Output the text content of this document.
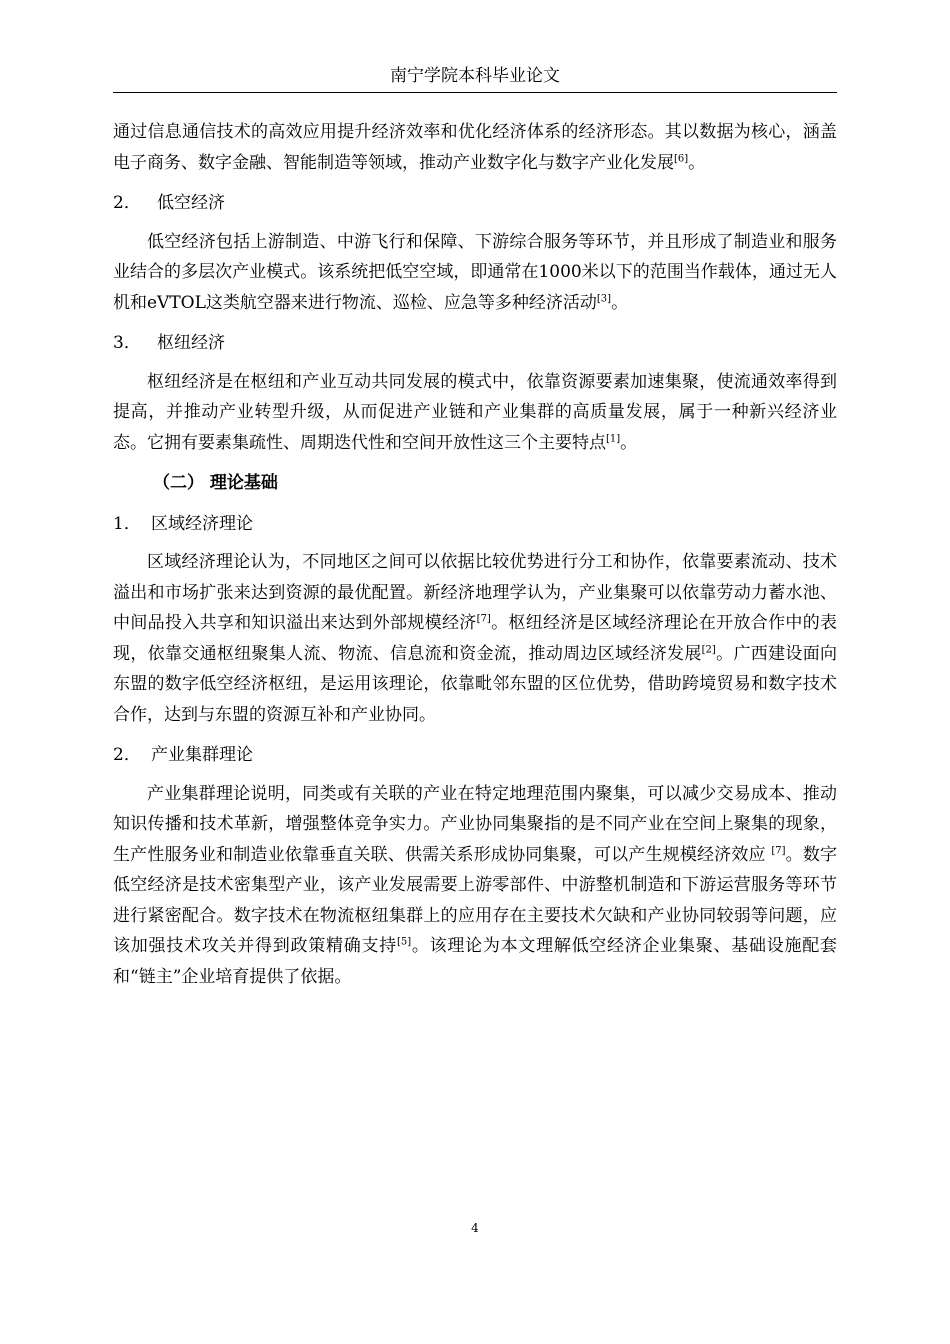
南宁学院本科毕业论文

通过信息通信技术的高效应用提升经济效率和优化经济体系的经济形态。其以数据为核心，涵盖电子商务、数字金融、智能制造等领域，推动产业数字化与数字产业化发展[6]。

2． 低空经济

低空经济包括上游制造、中游飞行和保障、下游综合服务等环节，并且形成了制造业和服务业结合的多层次产业模式。该系统把低空空域，即通常在1000米以下的范围当作载体，通过无人机和eVTOL这类航空器来进行物流、巡检、应急等多种经济活动[3]。

3． 枢纽经济

枢纽经济是在枢纽和产业互动共同发展的模式中，依靠资源要素加速集聚，使流通效率得到提高，并推动产业转型升级，从而促进产业链和产业集群的高质量发展，属于一种新兴经济业态。它拥有要素集疏性、周期迭代性和空间开放性这三个主要特点[1]。

（二） 理论基础

1． 区域经济理论

区域经济理论认为，不同地区之间可以依据比较优势进行分工和协作，依靠要素流动、技术溢出和市场扩张来达到资源的最优配置。新经济地理学认为，产业集聚可以依靠劳动力蓄水池、中间品投入共享和知识溢出来达到外部规模经济[7]。枢纽经济是区域经济理论在开放合作中的表现，依靠交通枢纽聚集人流、物流、信息流和资金流，推动周边区域经济发展[2]。广西建设面向东盟的数字低空经济枢纽，是运用该理论，依靠毗邻东盟的区位优势，借助跨境贸易和数字技术合作，达到与东盟的资源互补和产业协同。

2． 产业集群理论

产业集群理论说明，同类或有关联的产业在特定地理范围内聚集，可以减少交易成本、推动知识传播和技术革新，增强整体竞争实力。产业协同集聚指的是不同产业在空间上聚集的现象，生产性服务业和制造业依靠垂直关联、供需关系形成协同集聚，可以产生规模经济效应 [7]。数字低空经济是技术密集型产业，该产业发展需要上游零部件、中游整机制造和下游运营服务等环节进行紧密配合。数字技术在物流枢纽集群上的应用存在主要技术欠缺和产业协同较弱等问题，应该加强技术攻关并得到政策精确支持[5]。该理论为本文理解低空经济企业集聚、基础设施配套和“链主”企业培育提供了依据。

4
